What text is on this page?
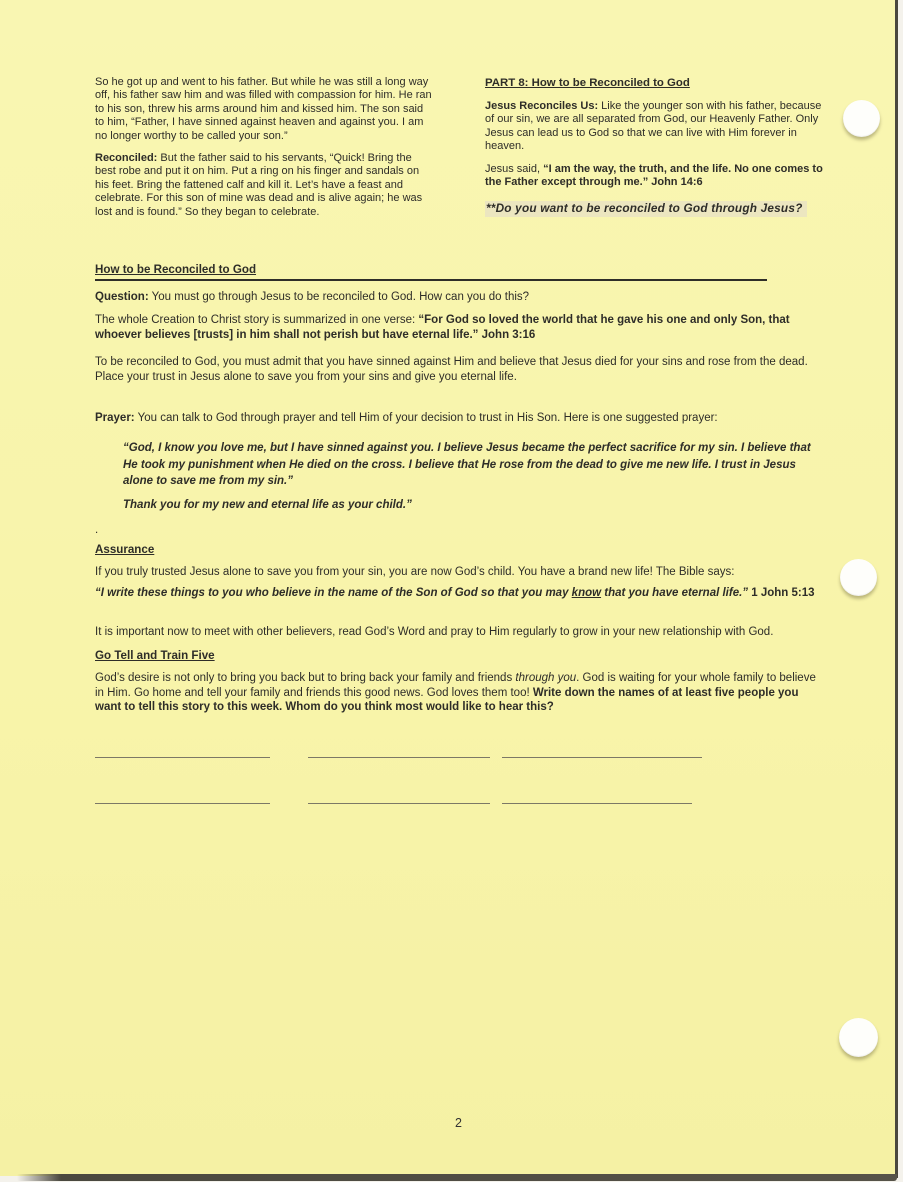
So he got up and went to his father. But while he was still a long way off, his father saw him and was filled with compassion for him. He ran to his son, threw his arms around him and kissed him. The son said to him, “Father, I have sinned against heaven and against you. I am no longer worthy to be called your son.”

Reconciled: But the father said to his servants, “Quick! Bring the best robe and put it on him. Put a ring on his finger and sandals on his feet. Bring the fattened calf and kill it. Let’s have a feast and celebrate. For this son of mine was dead and is alive again; he was lost and is found.” So they began to celebrate.

PART 8: How to be Reconciled to God

Jesus Reconciles Us: Like the younger son with his father, because of our sin, we are all separated from God, our Heavenly Father. Only Jesus can lead us to God so that we can live with Him forever in heaven.

Jesus said, “I am the way, the truth, and the life. No one comes to the Father except through me.” John 14:6

**Do you want to be reconciled to God through Jesus?

How to be Reconciled to God

Question: You must go through Jesus to be reconciled to God. How can you do this?

The whole Creation to Christ story is summarized in one verse: “For God so loved the world that he gave his one and only Son, that whoever believes [trusts] in him shall not perish but have eternal life.” John 3:16

To be reconciled to God, you must admit that you have sinned against Him and believe that Jesus died for your sins and rose from the dead. Place your trust in Jesus alone to save you from your sins and give you eternal life.

Prayer: You can talk to God through prayer and tell Him of your decision to trust in His Son. Here is one suggested prayer:

“God, I know you love me, but I have sinned against you. I believe Jesus became the perfect sacrifice for my sin. I believe that He took my punishment when He died on the cross. I believe that He rose from the dead to give me new life. I trust in Jesus alone to save me from my sin.”

Thank you for my new and eternal life as your child.”

.

Assurance

If you truly trusted Jesus alone to save you from your sin, you are now God’s child. You have a brand new life! The Bible says:

“I write these things to you who believe in the name of the Son of God so that you may know that you have eternal life.” 1 John 5:13

It is important now to meet with other believers, read God’s Word and pray to Him regularly to grow in your new relationship with God.

Go Tell and Train Five

God’s desire is not only to bring you back but to bring back your family and friends through you. God is waiting for your whole family to believe in Him. Go home and tell your family and friends this good news. God loves them too! Write down the names of at least five people you want to tell this story to this week. Whom do you think most would like to hear this?

2
